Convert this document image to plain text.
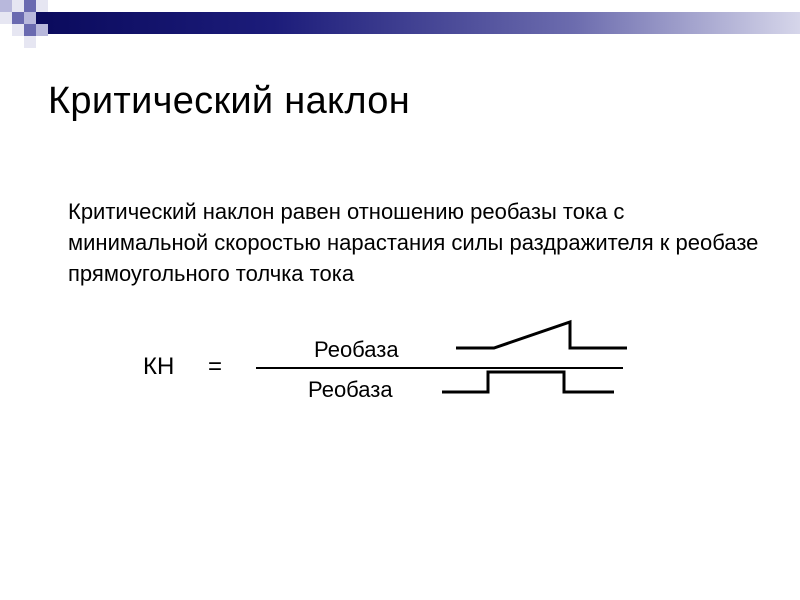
Критический наклон

Критический наклон равен отношению реобазы тока с минимальной скоростью нарастания силы раздражителя к реобазе прямоугольного толчка тока

КН =
Реобаза
Реобаза
